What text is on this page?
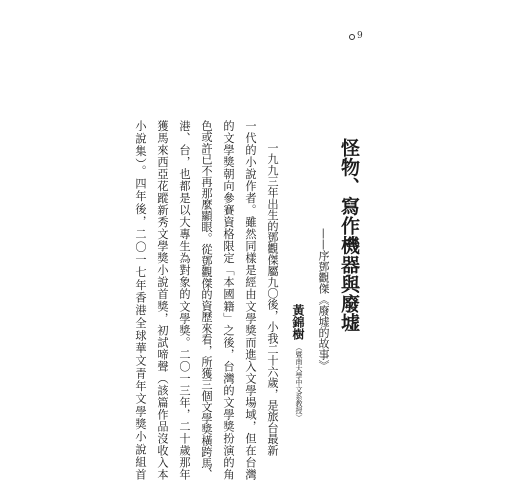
9
怪物、寫作機器與廢墟
——序鄧觀傑《廢墟的故事》
黃錦樹
（暨南大學中文系教授）
一九九三年出生的鄧觀傑屬九〇後，小我二十六歲，是旅台最新
一代的小說作者。雖然同樣是經由文學獎而進入文學場域，但在台灣
的文學獎朝向參賽資格限定「本國籍」之後，台灣的文學獎扮演的角
色或許已不再那麼顯眼。從鄧觀傑的資歷來看，所獲三個文學獎橫跨馬、
港、台，也都是以大專生為對象的文學獎。二〇一三年，二十歲那年
獲馬來西亞花蹤新秀文學獎小說首獎，初試啼聲（該篇作品沒收入本
小說集）。四年後，二〇一七年香港全球華文青年文學獎小說組首
